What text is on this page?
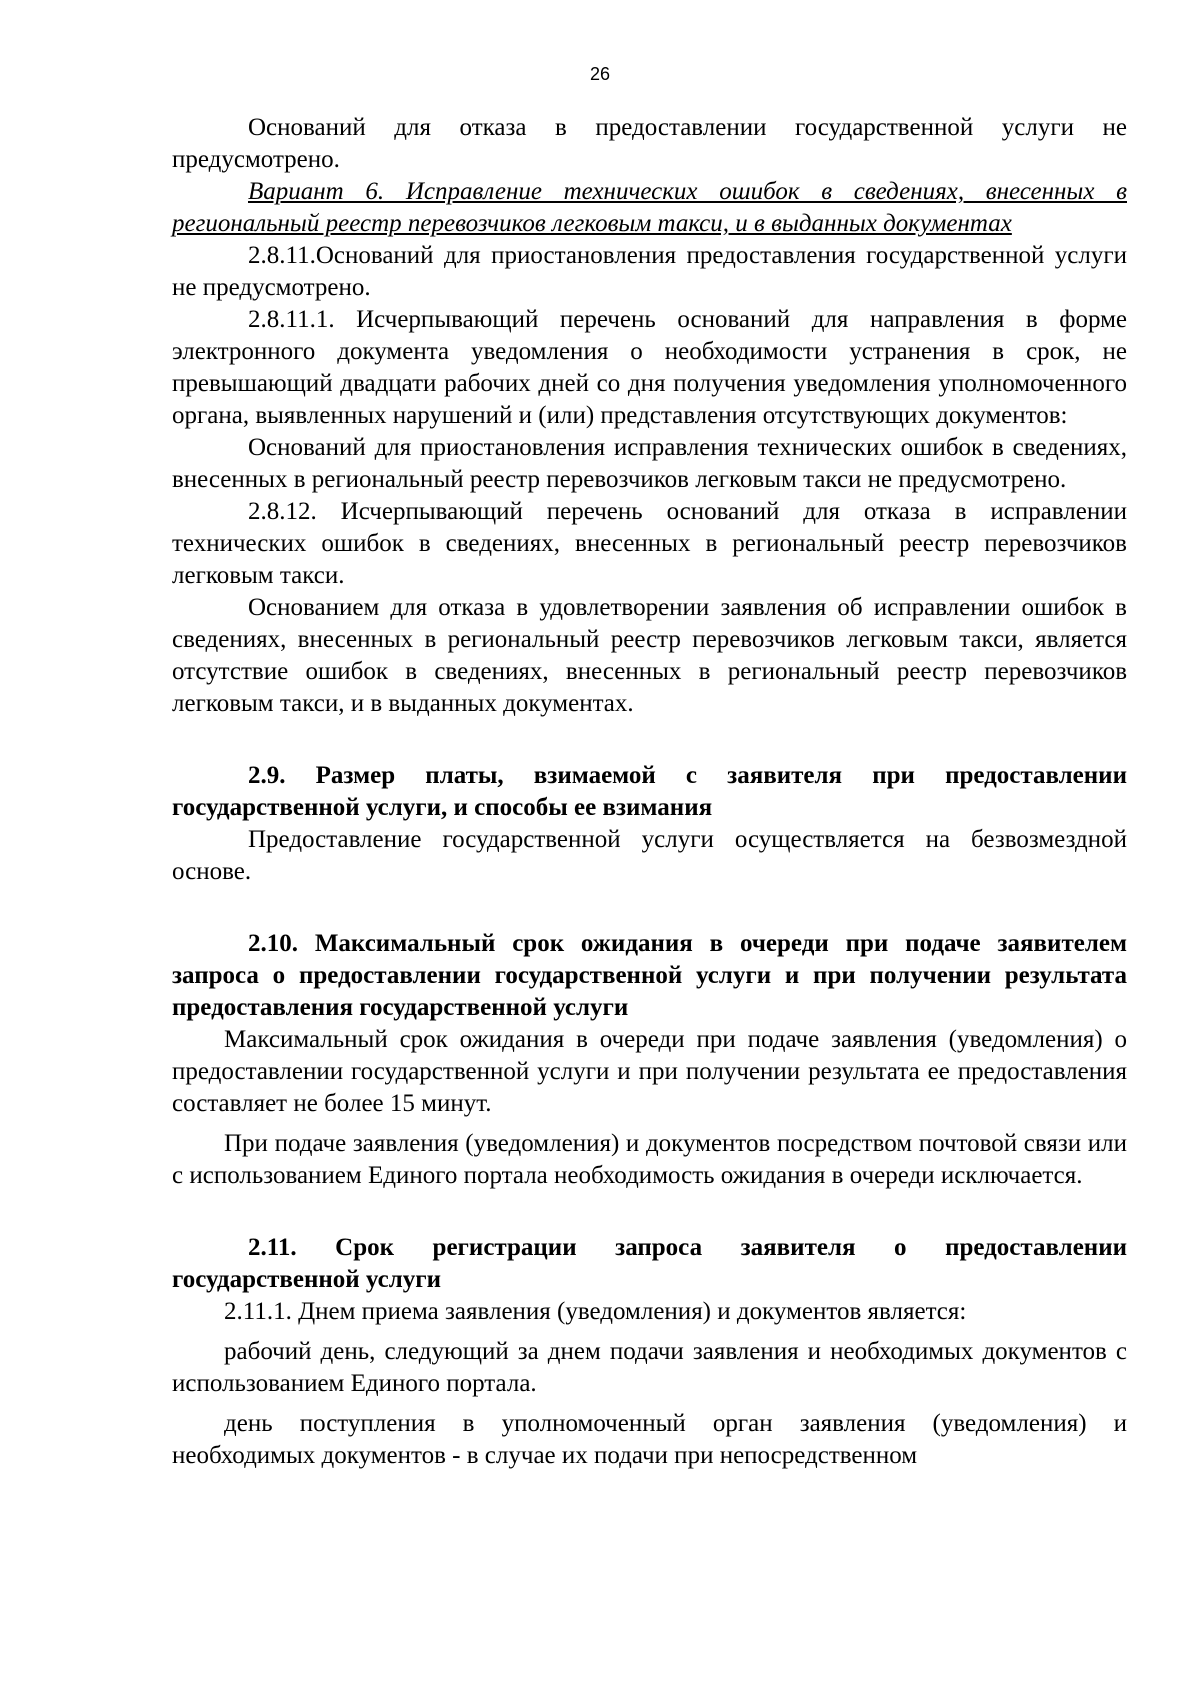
26

Оснований для отказа в предоставлении государственной услуги не предусмотрено.

Вариант 6. Исправление технических ошибок в сведениях, внесенных в региональный реестр перевозчиков легковым такси, и в выданных документах

2.8.11.Оснований для приостановления предоставления государственной услуги не предусмотрено.

2.8.11.1. Исчерпывающий перечень оснований для направления в форме электронного документа уведомления о необходимости устранения в срок, не превышающий двадцати рабочих дней со дня получения уведомления уполномоченного органа, выявленных нарушений и (или) представления отсутствующих документов:

Оснований для приостановления исправления технических ошибок в сведениях, внесенных в региональный реестр перевозчиков легковым такси не предусмотрено.

2.8.12. Исчерпывающий перечень оснований для отказа в исправлении технических ошибок в сведениях, внесенных в региональный реестр перевозчиков легковым такси.

Основанием для отказа в удовлетворении заявления об исправлении ошибок в сведениях, внесенных в региональный реестр перевозчиков легковым такси, является отсутствие ошибок в сведениях, внесенных в региональный реестр перевозчиков легковым такси, и в выданных документах.

2.9. Размер платы, взимаемой с заявителя при предоставлении государственной услуги, и способы ее взимания

Предоставление государственной услуги осуществляется на безвозмездной основе.

2.10. Максимальный срок ожидания в очереди при подаче заявителем запроса о предоставлении государственной услуги и при получении результата предоставления государственной услуги

Максимальный срок ожидания в очереди при подаче заявления (уведомления) о предоставлении государственной услуги и при получении результата ее предоставления составляет не более 15 минут.

При подаче заявления (уведомления) и документов посредством почтовой связи или с использованием Единого портала необходимость ожидания в очереди исключается.

2.11. Срок регистрации запроса заявителя о предоставлении государственной услуги

2.11.1. Днем приема заявления (уведомления) и документов является:

рабочий день, следующий за днем подачи заявления и необходимых документов с использованием Единого портала.

день поступления в уполномоченный орган заявления (уведомления) и необходимых документов - в случае их подачи при непосредственном
